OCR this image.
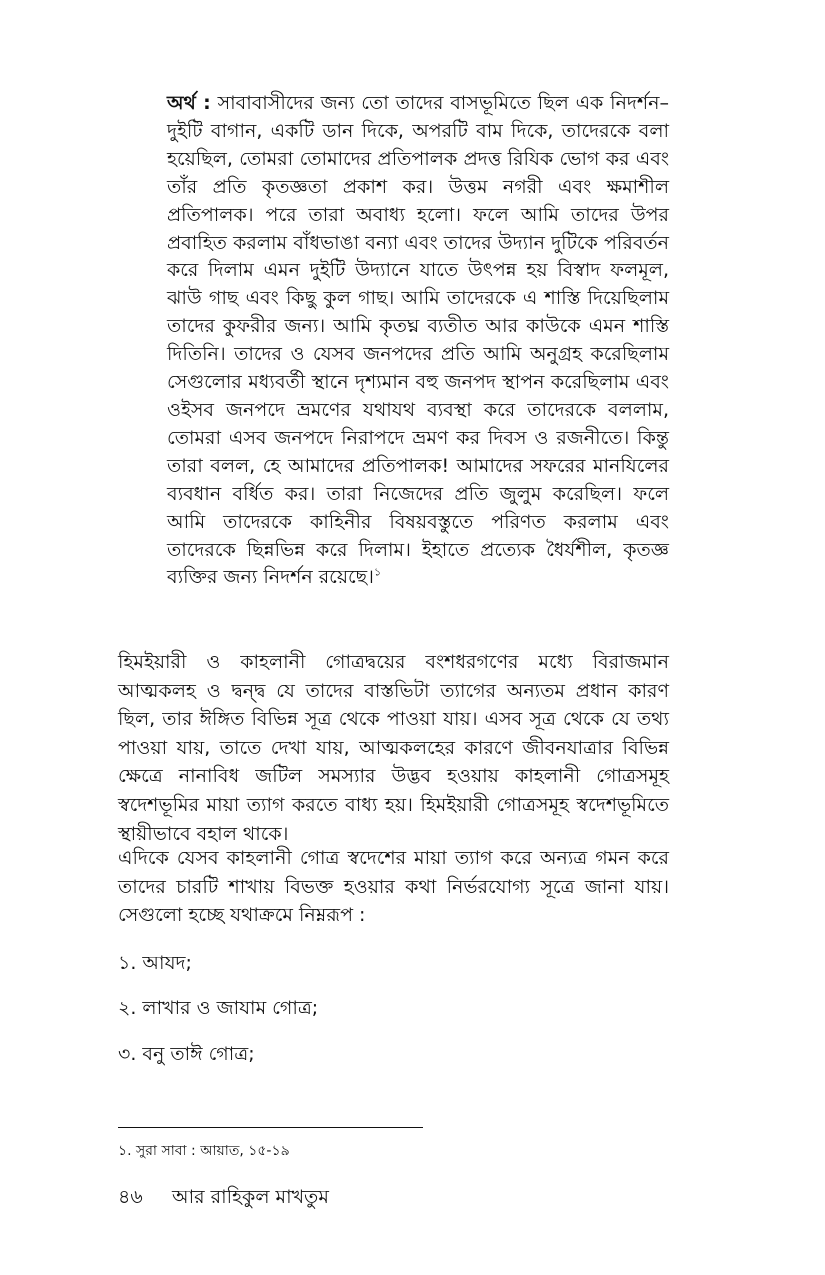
অর্থ : সাবাবাসীদের জন্য তো তাদের বাসভূমিতে ছিল এক নিদর্শন– দুইটি বাগান, একটি ডান দিকে, অপরটি বাম দিকে, তাদেরকে বলা হয়েছিল, তোমরা তোমাদের প্রতিপালক প্রদত্ত রিযিক ভোগ কর এবং তাঁর প্রতি কৃতজ্ঞতা প্রকাশ কর। উত্তম নগরী এবং ক্ষমাশীল প্রতিপালক। পরে তারা অবাধ্য হলো। ফলে আমি তাদের উপর প্রবাহিত করলাম বাঁধভাঙা বন্যা এবং তাদের উদ্যান দুটিকে পরিবর্তন করে দিলাম এমন দুইটি উদ্যানে যাতে উৎপন্ন হয় বিস্বাদ ফলমূল, ঝাউ গাছ এবং কিছু কুল গাছ। আমি তাদেরকে এ শাস্তি দিয়েছিলাম তাদের কুফরীর জন্য। আমি কৃতঘ্ন ব্যতীত আর কাউকে এমন শাস্তি দিতিনি। তাদের ও যেসব জনপদের প্রতি আমি অনুগ্রহ করেছিলাম সেগুলোর মধ্যবর্তী স্থানে দৃশ্যমান বহু জনপদ স্থাপন করেছিলাম এবং ওইসব জনপদে ভ্রমণের যথাযথ ব্যবস্থা করে তাদেরকে বললাম, তোমরা এসব জনপদে নিরাপদে ভ্রমণ কর দিবস ও রজনীতে। কিন্তু তারা বলল, হে আমাদের প্রতিপালক! আমাদের সফরের মানযিলের ব্যবধান বর্ধিত কর। তারা নিজেদের প্রতি জুলুম করেছিল। ফলে আমি তাদেরকে কাহিনীর বিষয়বস্তুতে পরিণত করলাম এবং তাদেরকে ছিন্নভিন্ন করে দিলাম। ইহাতে প্রত্যেক ধৈর্যশীল, কৃতজ্ঞ ব্যক্তির জন্য নিদর্শন রয়েছে।$^১$
হিমইয়ারী ও কাহলানী গোত্রদ্বয়ের বংশধরগণের মধ্যে বিরাজমান আত্মকলহ ও দ্বন্দ্ব যে তাদের বাস্তভিটা ত্যাগের অন্যতম প্রধান কারণ ছিল, তার ঈঙ্গিত বিভিন্ন সূত্র থেকে পাওয়া যায়। এসব সূত্র থেকে যে তথ্য পাওয়া যায়, তাতে দেখা যায়, আত্মকলহের কারণে জীবনযাত্রার বিভিন্ন ক্ষেত্রে নানাবিধ জটিল সমস্যার উদ্ভব হওয়ায় কাহলানী গোত্রসমূহ স্বদেশভূমির মায়া ত্যাগ করতে বাধ্য হয়। হিমইয়ারী গোত্রসমূহ স্বদেশভূমিতে স্থায়ীভাবে বহাল থাকে।
এদিকে যেসব কাহলানী গোত্র স্বদেশের মায়া ত্যাগ করে অন্যত্র গমন করে তাদের চারটি শাখায় বিভক্ত হওয়ার কথা নির্ভরযোগ্য সূত্রে জানা যায়। সেগুলো হচ্ছে যথাক্রমে নিম্নরূপ :
১. আযদ;
২. লাখার ও জাযাম গোত্র;
৩. বনু তাঈ গোত্র;
১. সুরা সাবা : আয়াত, ১৫-১৯
৪৬ আর রাহিকুল মাখতুম
